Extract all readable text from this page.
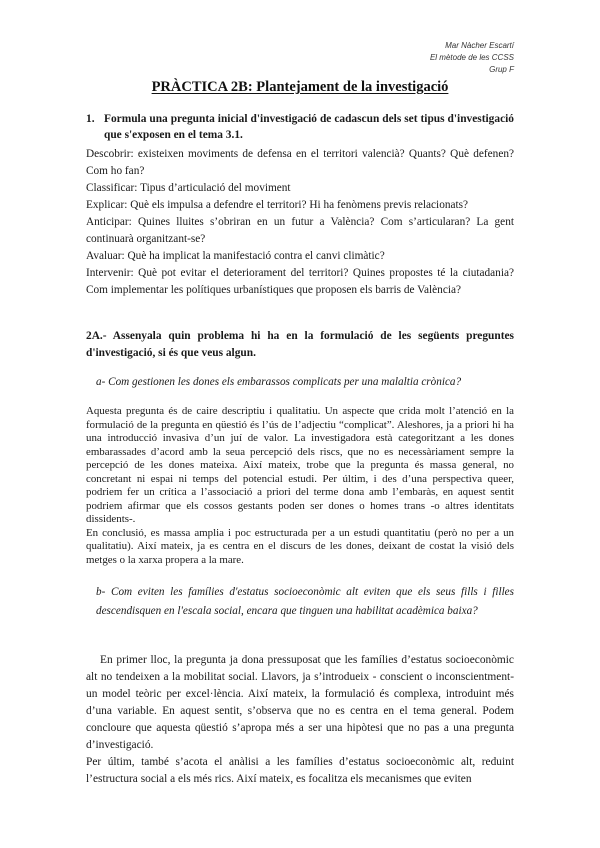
Mar Nàcher Escartí
El mètode de les CCSS
Grup F
PRÀCTICA 2B: Plantejament de la investigació
1. Formula una pregunta inicial d'investigació de cadascun dels set tipus d'investigació que s'exposen en el tema 3.1.
Descobrir: existeixen moviments de defensa en el territori valencià? Quants? Què defenen? Com ho fan?
Classificar: Tipus d’articulació del moviment
Explicar: Què els impulsa a defendre el territori? Hi ha fenòmens previs relacionats?
Anticipar: Quines lluites s’obriran en un futur a València? Com s’articularan? La gent continuarà organitzant-se?
Avaluar: Què ha implicat la manifestació contra el canvi climàtic?
Intervenir: Què pot evitar el deteriorament del territori? Quines propostes té la ciutadania? Com implementar les polítiques urbanístiques que proposen els barris de València?
2A.- Assenyala quin problema hi ha en la formulació de les següents preguntes d'investigació, si és que veus algun.
a- Com gestionen les dones els embarassos complicats per una malaltia crònica?

Aquesta pregunta és de caire descriptiu i qualitatiu. Un aspecte que crida molt l’atenció en la formulació de la pregunta en qüestió és l’ús de l’adjectiu “complicat”. Aleshores, ja a priori hi ha una introducció invasiva d’un juí de valor. La investigadora està categoritzant a les dones embarassades d’acord amb la seua percepció dels riscs, que no es necessàriament sempre la percepció de les dones mateixa. Així mateix, trobe que la pregunta és massa general, no concretant ni espai ni temps del potencial estudi. Per últim, i des d’una perspectiva queer, podriem fer un crítica a l’associació a priori del terme dona amb l’embaràs, en aquest sentit podriem afirmar que els cossos gestants poden ser dones o homes trans -o altres identitats dissidents-.

En conclusió, es massa amplia i poc estructurada per a un estudi quantitatiu (però no per a un qualitatiu). Així mateix, ja es centra en el discurs de les dones, deixant de costat la visió dels metges o la xarxa propera a la mare.

b- Com eviten les famílies d'estatus socioeconòmic alt eviten que els seus fills i filles descendisquen en l'escala social, encara que tinguen una habilitat acadèmica baixa?

En primer lloc, la pregunta ja dona pressuposat que les famílies d’estatus socioeconòmic alt no tendeixen a la mobilitat social. Llavors, ja s’introdueix - conscient o inconscientment- un model teòric per excel·lència. Així mateix, la formulació és complexa, introduint més d’una variable. En aquest sentit, s’observa que no es centra en el tema general. Podem concloure que aquesta qüestió s’apropa més a ser una hipòtesi que no pas a una pregunta d’investigació.

Per últim, també s’acota el anàlisi a les famílies d’estatus socioeconòmic alt, reduint l’estructura social a els més rics. Així mateix, es focalitza els mecanismes que eviten
